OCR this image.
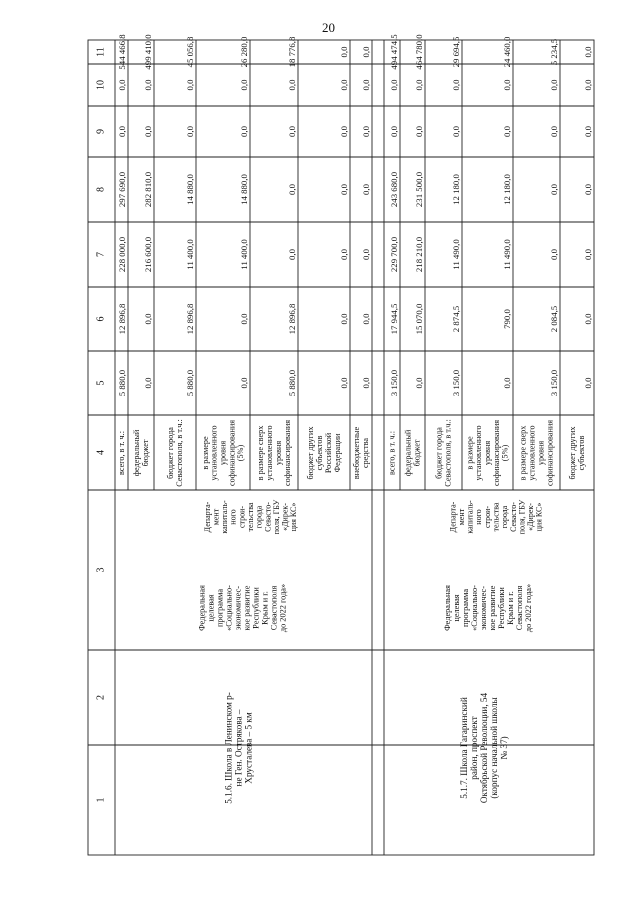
20
1
2
3
4
5
6
7
8
9
10
11
5.1.6. Школа в Ленинском р- не Ген. Острякова – Хрусталева – 5 км
Федеральная целевая программа «Социально- экономичес- кое развитие Республики Крым и г. Севастополя до 2022 года»
Департа- мент капиталь- ного строи- тельства города Севасто- поля, ГБУ «Дирек- ция КС»
всего, в т. ч.:
5 880,0
12 896,8
228 000,0
297 690,0
0,0
0,0
544 466,8
федеральный бюджет
0,0
0,0
216 600,0
282 810,0
0,0
0,0
499 410,0
бюджет города Севастополя, в т.ч.:
5 880,0
12 896,8
11 400,0
14 880,0
0,0
0,0
45 056,8
в размере установленного уровня софинансирования (5%)
0,0
0,0
11 400,0
14 880,0
0,0
0,0
26 280,0
в размере сверх установленного уровня софинансирования
5 880,0
12 896,8
0,0
0,0
0,0
0,0
18 776,8
бюджет других субъектов Российской Федерации
0,0
0,0
0,0
0,0
0,0
0,0
0,0
внебюджетные средства
0,0
0,0
0,0
0,0
0,0
0,0
0,0
5.1.7. Школа Гагаринский район, проспект Октябрьской Революции, 54 (корпус начальной школы № 37)
Федеральная целевая программа «Социально- экономичес- кое развитие Республики Крым и г. Севастополя до 2022 года»
Департа- мент капиталь- ного строи- тельства города Севасто- поля, ГБУ «Дирек- ция КС»
всего, в т. ч.:
3 150,0
17 944,5
229 700,0
243 680,0
0,0
0,0
494 474,5
федеральный бюджет
0,0
15 070,0
218 210,0
231 500,0
0,0
0,0
464 780,0
бюджет города Севастополя, в т.ч.:
3 150,0
2 874,5
11 490,0
12 180,0
0,0
0,0
29 694,5
в размере установленного уровня софинансирования (5%)
0,0
790,0
11 490,0
12 180,0
0,0
0,0
24 460,0
в размере сверх установленного уровня софинансирования
3 150,0
2 084,5
0,0
0,0
0,0
0,0
5 234,5
бюджет других субъектов
0,0
0,0
0,0
0,0
0,0
0,0
0,0
